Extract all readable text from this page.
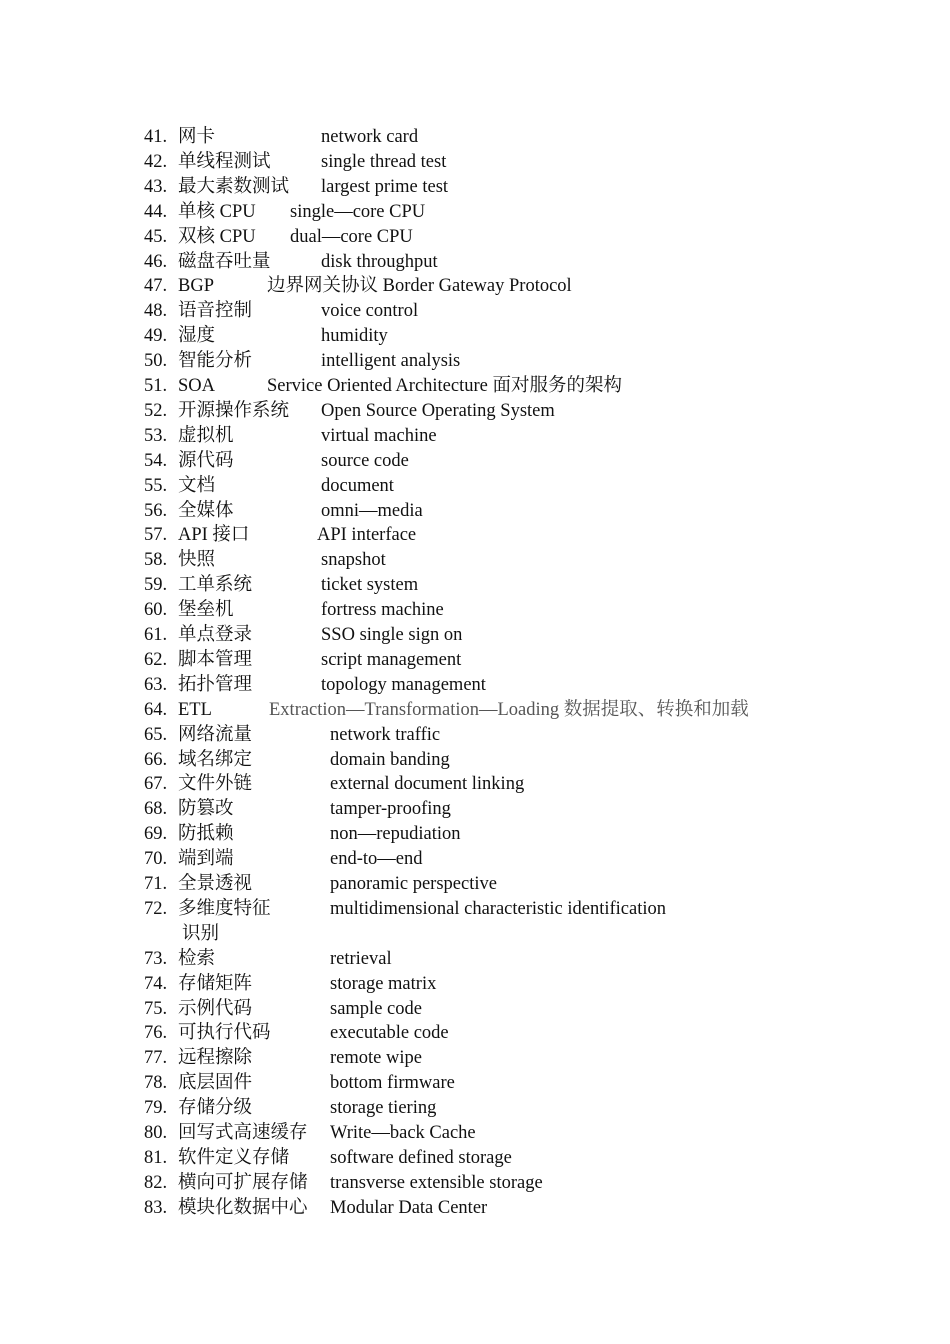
41. 网卡	network card
42. 单线程测试	single thread test
43. 最大素数测试 largest prime test
44. 单核 CPU single—core CPU
45. 双核 CPU dual—core CPU
46. 磁盘吞吐量	disk throughput
47. BGP	边界网关协议 Border Gateway Protocol
48. 语音控制	voice control
49. 湿度	humidity
50. 智能分析	intelligent analysis
51. SOA	Service Oriented Architecture 面对服务的架构
52. 开源操作系统 Open Source Operating System
53. 虚拟机	virtual machine
54. 源代码	source code
55. 文档	document
56. 全媒体	omni—media
57. API 接口	API interface
58. 快照	snapshot
59. 工单系统	ticket system
60. 堡垒机	fortress machine
61. 单点登录	SSO single sign on
62. 脚本管理	script management
63. 拓扑管理	topology management
64. ETL	Extraction—Transformation—Loading 数据提取、转换和加载
65. 网络流量	network traffic
66. 域名绑定	domain banding
67. 文件外链	external document linking
68. 防篡改	tamper-proofing
69. 防抵赖	non—repudiation
70. 端到端	end-to—end
71. 全景透视	panoramic perspective
72. 多维度特征	multidimensional characteristic identification
识别
73. 检索	retrieval
74. 存储矩阵	storage matrix
75. 示例代码	sample code
76. 可执行代码	executable code
77. 远程擦除	remote wipe
78. 底层固件	bottom firmware
79. 存储分级	storage tiering
80. 回写式高速缓存 Write—back Cache
81. 软件定义存储 software defined storage
82. 横向可扩展存储 transverse extensible storage
83. 模块化数据中心 Modular Data Center
